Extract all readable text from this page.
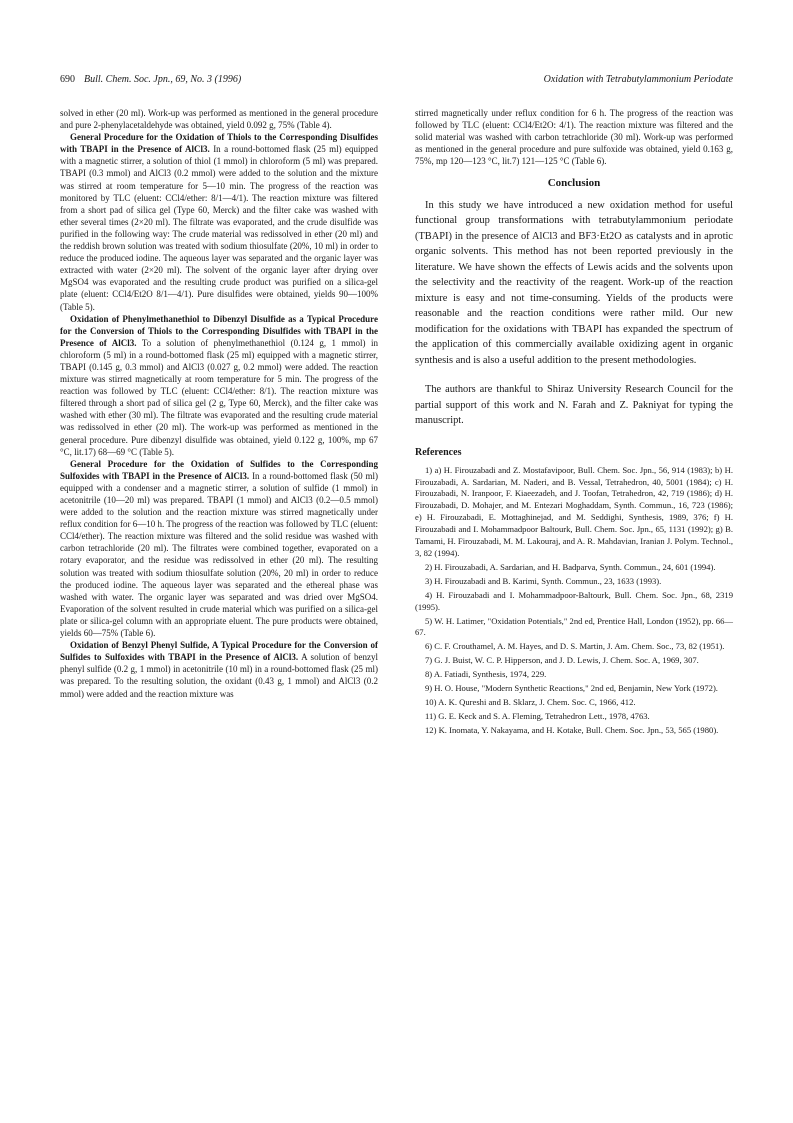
690 Bull. Chem. Soc. Jpn., 69, No. 3 (1996)	Oxidation with Tetrabutylammonium Periodate

solved in ether (20 ml). Work-up was performed as mentioned in the general procedure and pure 2-phenylacetaldehyde was obtained, yield 0.092 g, 75% (Table 4).

General Procedure for the Oxidation of Thiols to the Corresponding Disulfides with TBAPI in the Presence of AlCl3. In a round-bottomed flask (25 ml) equipped with a magnetic stirrer, a solution of thiol (1 mmol) in chloroform (5 ml) was prepared. TBAPI (0.3 mmol) and AlCl3 (0.2 mmol) were added to the solution and the mixture was stirred at room temperature for 5—10 min. The progress of the reaction was monitored by TLC (eluent: CCl4/ether: 8/1—4/1). The reaction mixture was filtered from a short pad of silica gel (Type 60, Merck) and the filter cake was washed with ether several times (2×20 ml). The filtrate was evaporated, and the crude disulfide was purified in the following way: The crude material was redissolved in ether (20 ml) and the reddish brown solution was treated with sodium thiosulfate (20%, 10 ml) in order to reduce the produced iodine. The aqueous layer was separated and the organic layer was extracted with water (2×20 ml). The solvent of the organic layer after drying over MgSO4 was evaporated and the resulting crude product was purified on a silica-gel plate (eluent: CCl4/Et2O 8/1—4/1). Pure disulfides were obtained, yields 90—100% (Table 5).

Oxidation of Phenylmethanethiol to Dibenzyl Disulfide as a Typical Procedure for the Conversion of Thiols to the Corresponding Disulfides with TBAPI in the Presence of AlCl3. To a solution of phenylmethanethiol (0.124 g, 1 mmol) in chloroform (5 ml) in a round-bottomed flask (25 ml) equipped with a magnetic stirrer, TBAPI (0.145 g, 0.3 mmol) and AlCl3 (0.027 g, 0.2 mmol) were added. The reaction mixture was stirred magnetically at room temperature for 5 min. The progress of the reaction was followed by TLC (eluent: CCl4/ether: 8/1). The reaction mixture was filtered through a short pad of silica gel (2 g, Type 60, Merck), and the filter cake was washed with ether (30 ml). The filtrate was evaporated and the resulting crude material was redissolved in ether (20 ml). The work-up was performed as mentioned in the general procedure. Pure dibenzyl disulfide was obtained, yield 0.122 g, 100%, mp 67 °C, lit.17) 68—69 °C (Table 5).

General Procedure for the Oxidation of Sulfides to the Corresponding Sulfoxides with TBAPI in the Presence of AlCl3. In a round-bottomed flask (50 ml) equipped with a condenser and a magnetic stirrer, a solution of sulfide (1 mmol) in acetonitrile (10—20 ml) was prepared. TBAPI (1 mmol) and AlCl3 (0.2—0.5 mmol) were added to the solution and the reaction mixture was stirred magnetically under reflux condition for 6—10 h. The progress of the reaction was followed by TLC (eluent: CCl4/ether). The reaction mixture was filtered and the solid residue was washed with carbon tetrachloride (20 ml). The filtrates were combined together, evaporated on a rotary evaporator, and the residue was redissolved in ether (20 ml). The resulting solution was treated with sodium thiosulfate solution (20%, 20 ml) in order to reduce the produced iodine. The aqueous layer was separated and the ethereal phase was washed with water. The organic layer was separated and was dried over MgSO4. Evaporation of the solvent resulted in crude material which was purified on a silica-gel plate or silica-gel column with an appropriate eluent. The pure products were obtained, yields 60—75% (Table 6).

Oxidation of Benzyl Phenyl Sulfide, A Typical Procedure for the Conversion of Sulfides to Sulfoxides with TBAPI in the Presence of AlCl3. A solution of benzyl phenyl sulfide (0.2 g, 1 mmol) in acetonitrile (10 ml) in a round-bottomed flask (25 ml) was prepared. To the resulting solution, the oxidant (0.43 g, 1 mmol) and AlCl3 (0.2 mmol) were added and the reaction mixture was

stirred magnetically under reflux condition for 6 h. The progress of the reaction was followed by TLC (eluent: CCl4/Et2O: 4/1). The reaction mixture was filtered and the solid material was washed with carbon tetrachloride (30 ml). Work-up was performed as mentioned in the general procedure and pure sulfoxide was obtained, yield 0.163 g, 75%, mp 120—123 °C, lit.7) 121—125 °C (Table 6).

Conclusion

In this study we have introduced a new oxidation method for useful functional group transformations with tetrabutylammonium periodate (TBAPI) in the presence of AlCl3 and BF3·Et2O as catalysts and in aprotic organic solvents. This method has not been reported previously in the literature. We have shown the effects of Lewis acids and the solvents upon the selectivity and the reactivity of the reagent. Work-up of the reaction mixture is easy and not time-consuming. Yields of the products were reasonable and the reaction conditions were rather mild. Our new modification for the oxidations with TBAPI has expanded the spectrum of the application of this commercially available oxidizing agent in organic synthesis and is also a useful addition to the present methodologies.

The authors are thankful to Shiraz University Research Council for the partial support of this work and N. Farah and Z. Pakniyat for typing the manuscript.

References

1) a) H. Firouzabadi and Z. Mostafavipoor, Bull. Chem. Soc. Jpn., 56, 914 (1983); b) H. Firouzabadi, A. Sardarian, M. Naderi, and B. Vessal, Tetrahedron, 40, 5001 (1984); c) H. Firouzabadi, N. Iranpoor, F. Kiaeezadeh, and J. Toofan, Tetrahedron, 42, 719 (1986); d) H. Firouzabadi, D. Mohajer, and M. Entezari Moghaddam, Synth. Commun., 16, 723 (1986); e) H. Firouzabadi, E. Mottaghinejad, and M. Seddighi, Synthesis, 1989, 376; f) H. Firouzabadi and I. Mohammadpoor Baltourk, Bull. Chem. Soc. Jpn., 65, 1131 (1992); g) B. Tamami, H. Firouzabadi, M. M. Lakouraj, and A. R. Mahdavian, Iranian J. Polym. Technol., 3, 82 (1994).

2) H. Firouzabadi, A. Sardarian, and H. Badparva, Synth. Commun., 24, 601 (1994).

3) H. Firouzabadi and B. Karimi, Synth. Commun., 23, 1633 (1993).

4) H. Firouzabadi and I. Mohammadpoor-Baltourk, Bull. Chem. Soc. Jpn., 68, 2319 (1995).

5) W. H. Latimer, "Oxidation Potentials," 2nd ed, Prentice Hall, London (1952), pp. 66—67.

6) C. F. Crouthamel, A. M. Hayes, and D. S. Martin, J. Am. Chem. Soc., 73, 82 (1951).

7) G. J. Buist, W. C. P. Hipperson, and J. D. Lewis, J. Chem. Soc. A, 1969, 307.

8) A. Fatiadi, Synthesis, 1974, 229.

9) H. O. House, "Modern Synthetic Reactions," 2nd ed, Benjamin, New York (1972).

10) A. K. Qureshi and B. Sklarz, J. Chem. Soc. C, 1966, 412.

11) G. E. Keck and S. A. Fleming, Tetrahedron Lett., 1978, 4763.

12) K. Inomata, Y. Nakayama, and H. Kotake, Bull. Chem. Soc. Jpn., 53, 565 (1980).
